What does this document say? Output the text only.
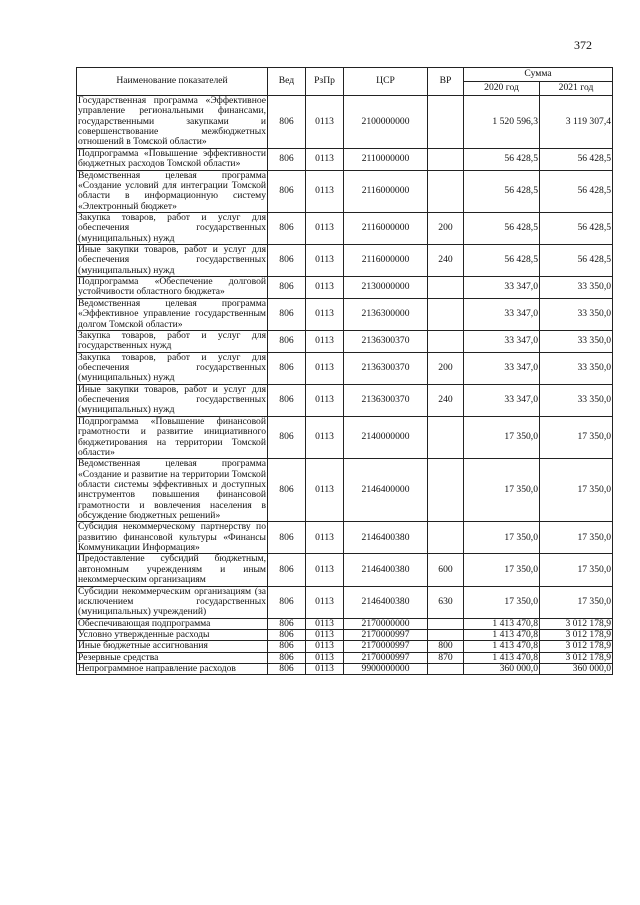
372
Наименование показателей	Вед	РзПр	ЦСР	ВР	Сумма	
					2020 год	2021 год
Государственная программа «Эффективное управление региональными финансами, государственными закупками и совершенствование межбюджетных отношений в Томской области»	806	0113	2100000000		1 520 596,3	3 119 307,4
Подпрограмма «Повышение эффективности бюджетных расходов Томской области»	806	0113	2110000000		56 428,5	56 428,5
Ведомственная целевая программа «Создание условий для интеграции Томской области в информационную систему «Электронный бюджет»	806	0113	2116000000		56 428,5	56 428,5
Закупка товаров, работ и услуг для обеспечения государственных (муниципальных) нужд	806	0113	2116000000	200	56 428,5	56 428,5
Иные закупки товаров, работ и услуг для обеспечения государственных (муниципальных) нужд	806	0113	2116000000	240	56 428,5	56 428,5
Подпрограмма «Обеспечение долговой устойчивости областного бюджета»	806	0113	2130000000		33 347,0	33 350,0
Ведомственная целевая программа «Эффективное управление государственным долгом Томской области»	806	0113	2136300000		33 347,0	33 350,0
Закупка товаров, работ и услуг для государственных нужд	806	0113	2136300370		33 347,0	33 350,0
Закупка товаров, работ и услуг для обеспечения государственных (муниципальных) нужд	806	0113	2136300370	200	33 347,0	33 350,0
Иные закупки товаров, работ и услуг для обеспечения государственных (муниципальных) нужд	806	0113	2136300370	240	33 347,0	33 350,0
Подпрограмма «Повышение финансовой грамотности и развитие инициативного бюджетирования на территории Томской области»	806	0113	2140000000		17 350,0	17 350,0
Ведомственная целевая программа «Создание и развитие на территории Томской области системы эффективных и доступных инструментов повышения финансовой грамотности и вовлечения населения в обсуждение бюджетных решений»	806	0113	2146400000		17 350,0	17 350,0
Субсидия некоммерческому партнерству по развитию финансовой культуры «Финансы Коммуникации Информация»	806	0113	2146400380		17 350,0	17 350,0
Предоставление субсидий бюджетным, автономным учреждениям и иным некоммерческим организациям	806	0113	2146400380	600	17 350,0	17 350,0
Субсидии некоммерческим организациям (за исключением государственных (муниципальных) учреждений)	806	0113	2146400380	630	17 350,0	17 350,0
Обеспечивающая подпрограмма	806	0113	2170000000		1 413 470,8	3 012 178,9
Условно утвержденные расходы	806	0113	2170000997		1 413 470,8	3 012 178,9
Иные бюджетные ассигнования	806	0113	2170000997	800	1 413 470,8	3 012 178,9
Резервные средства	806	0113	2170000997	870	1 413 470,8	3 012 178,9
Непрограммное направление расходов	806	0113	9900000000		360 000,0	360 000,0
